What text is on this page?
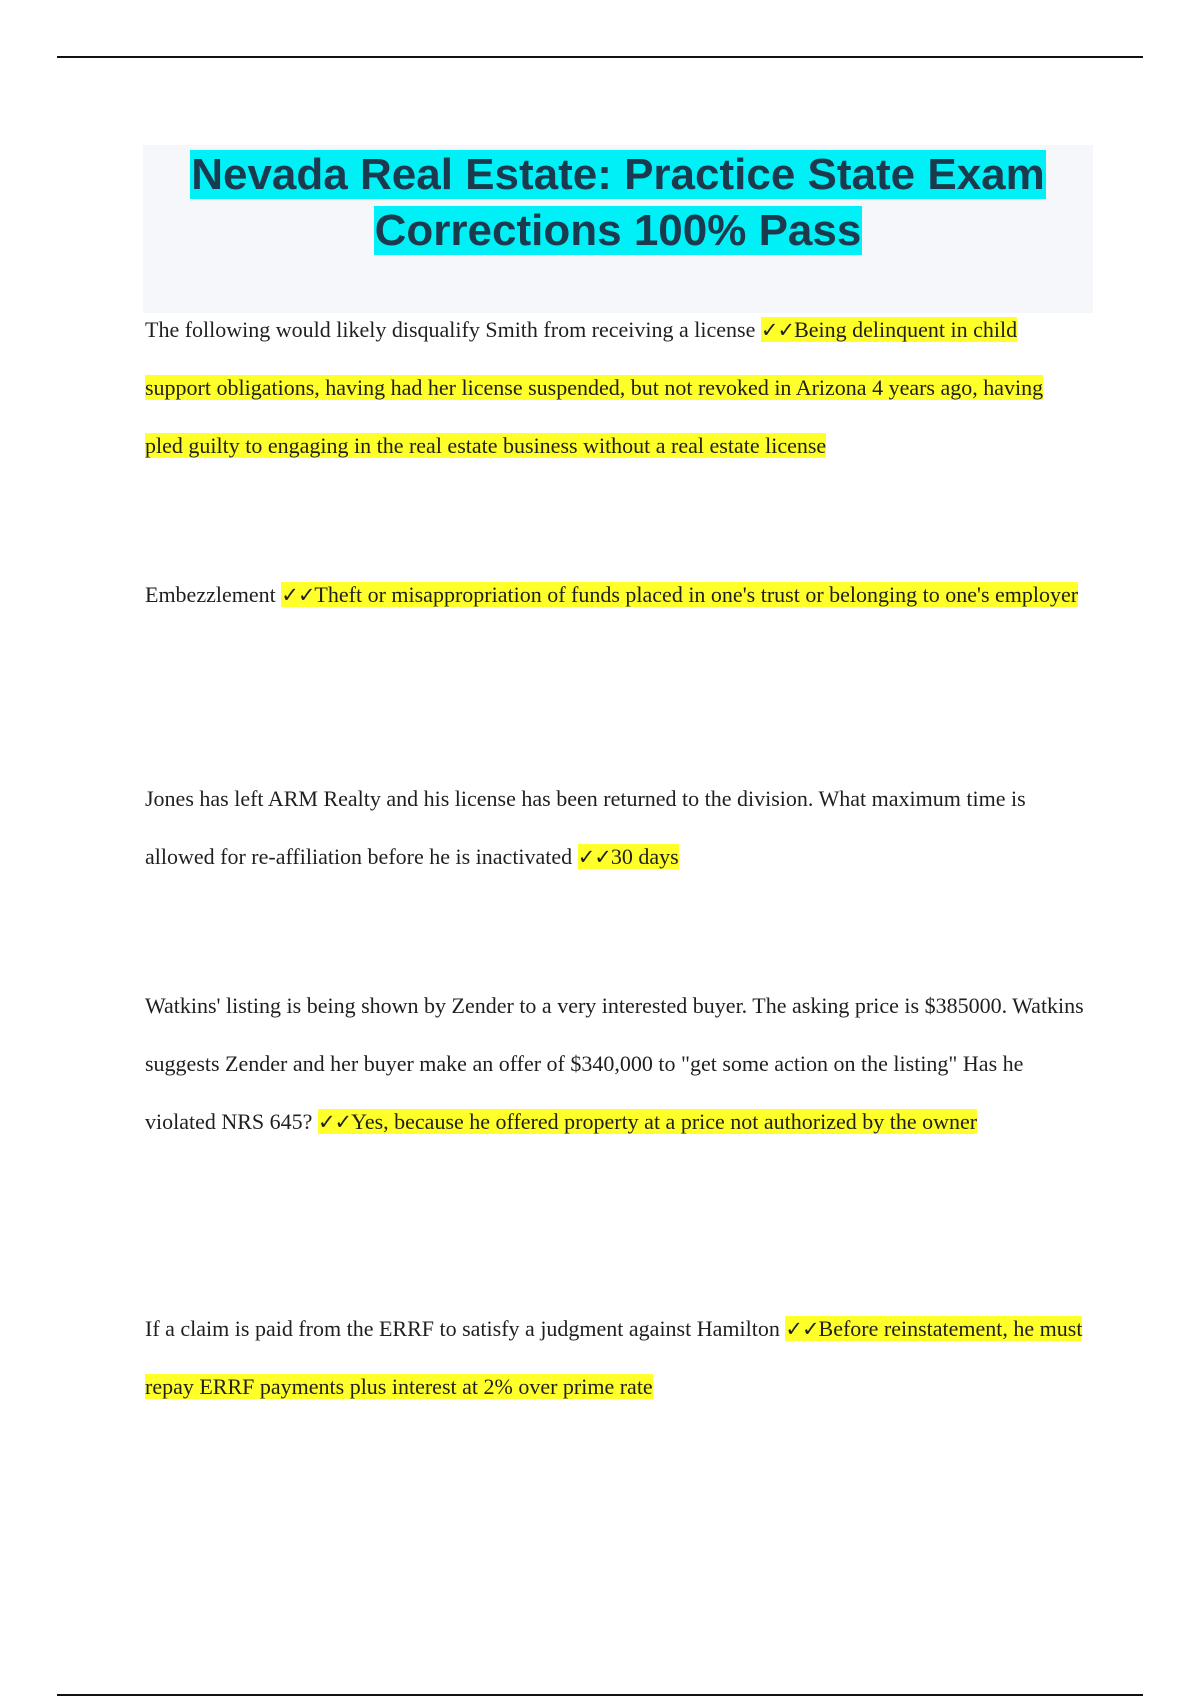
Nevada Real Estate: Practice State Exam
Corrections 100% Pass

The following would likely disqualify Smith from receiving a license ✓✓Being delinquent in child support obligations, having had her license suspended, but not revoked in Arizona 4 years ago, having pled guilty to engaging in the real estate business without a real estate license

Embezzlement ✓✓Theft or misappropriation of funds placed in one's trust or belonging to one's employer

Jones has left ARM Realty and his license has been returned to the division. What maximum time is allowed for re-affiliation before he is inactivated ✓✓30 days

Watkins' listing is being shown by Zender to a very interested buyer. The asking price is $385000. Watkins suggests Zender and her buyer make an offer of $340,000 to "get some action on the listing" Has he violated NRS 645? ✓✓Yes, because he offered property at a price not authorized by the owner

If a claim is paid from the ERRF to satisfy a judgment against Hamilton ✓✓Before reinstatement, he must repay ERRF payments plus interest at 2% over prime rate
